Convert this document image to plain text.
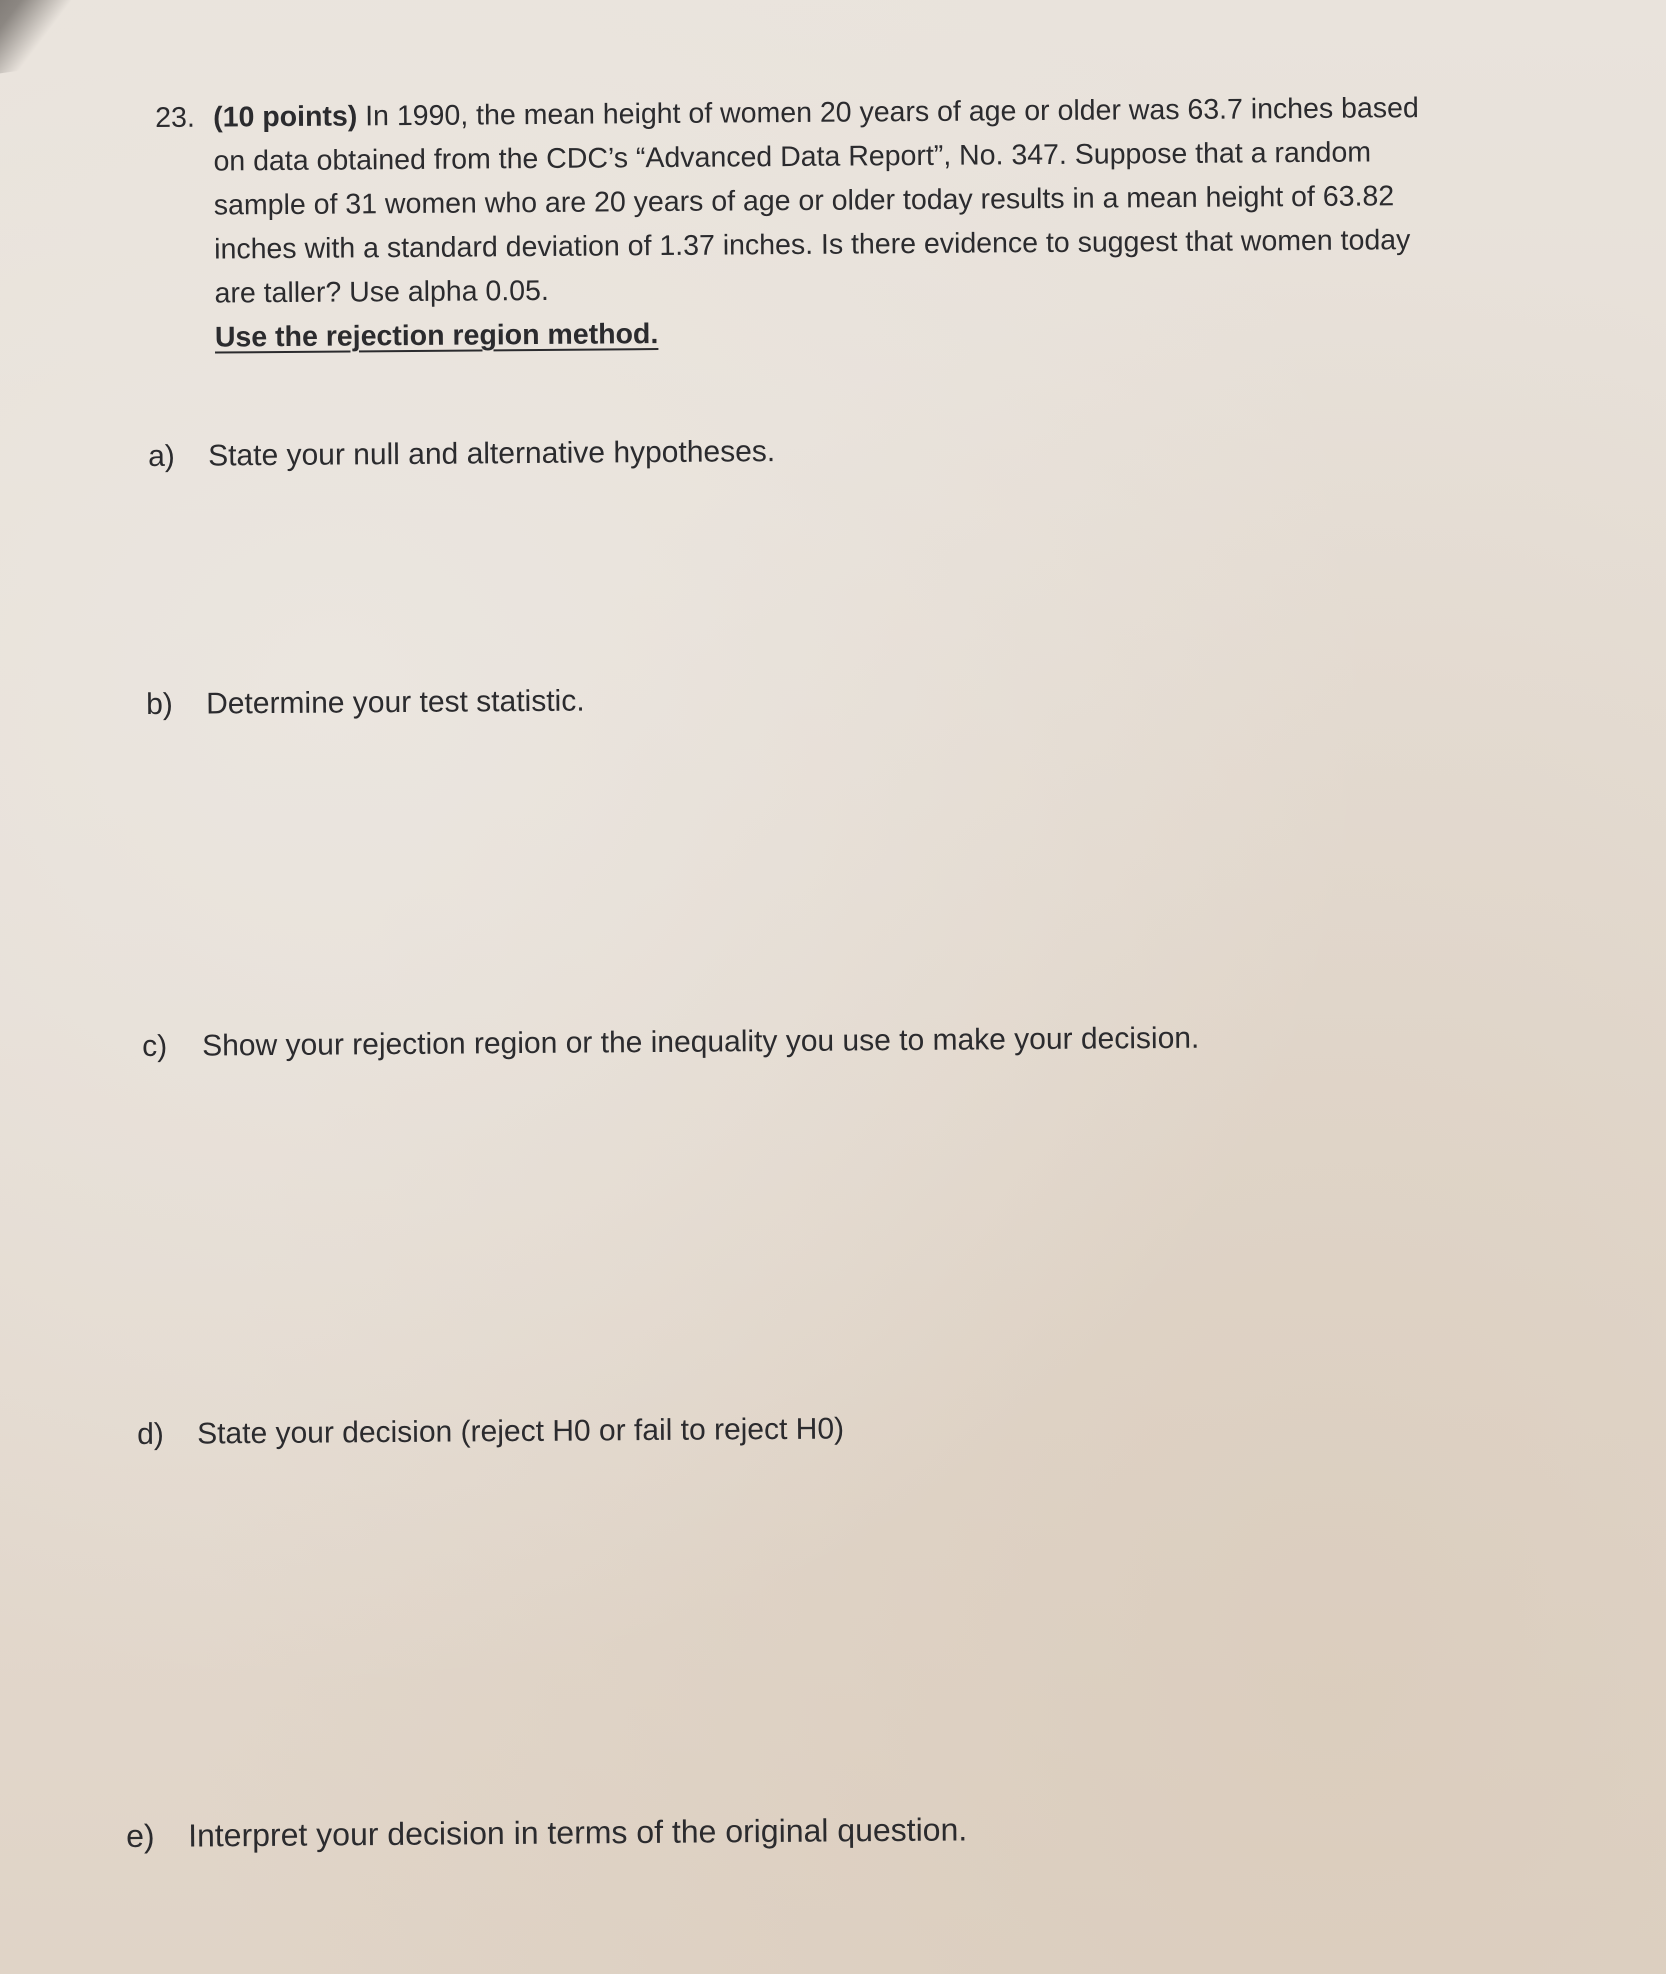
23. (10 points) In 1990, the mean height of women 20 years of age or older was 63.7 inches based
on data obtained from the CDC’s “Advanced Data Report”, No. 347. Suppose that a random
sample of 31 women who are 20 years of age or older today results in a mean height of 63.82
inches with a standard deviation of 1.37 inches. Is there evidence to suggest that women today
are taller? Use alpha 0.05.
Use the rejection region method.
a)	State your null and alternative hypotheses.
b)	Determine your test statistic.
c)	Show your rejection region or the inequality you use to make your decision.
d)	State your decision (reject H0 or fail to reject H0)
e)	Interpret your decision in terms of the original question.
